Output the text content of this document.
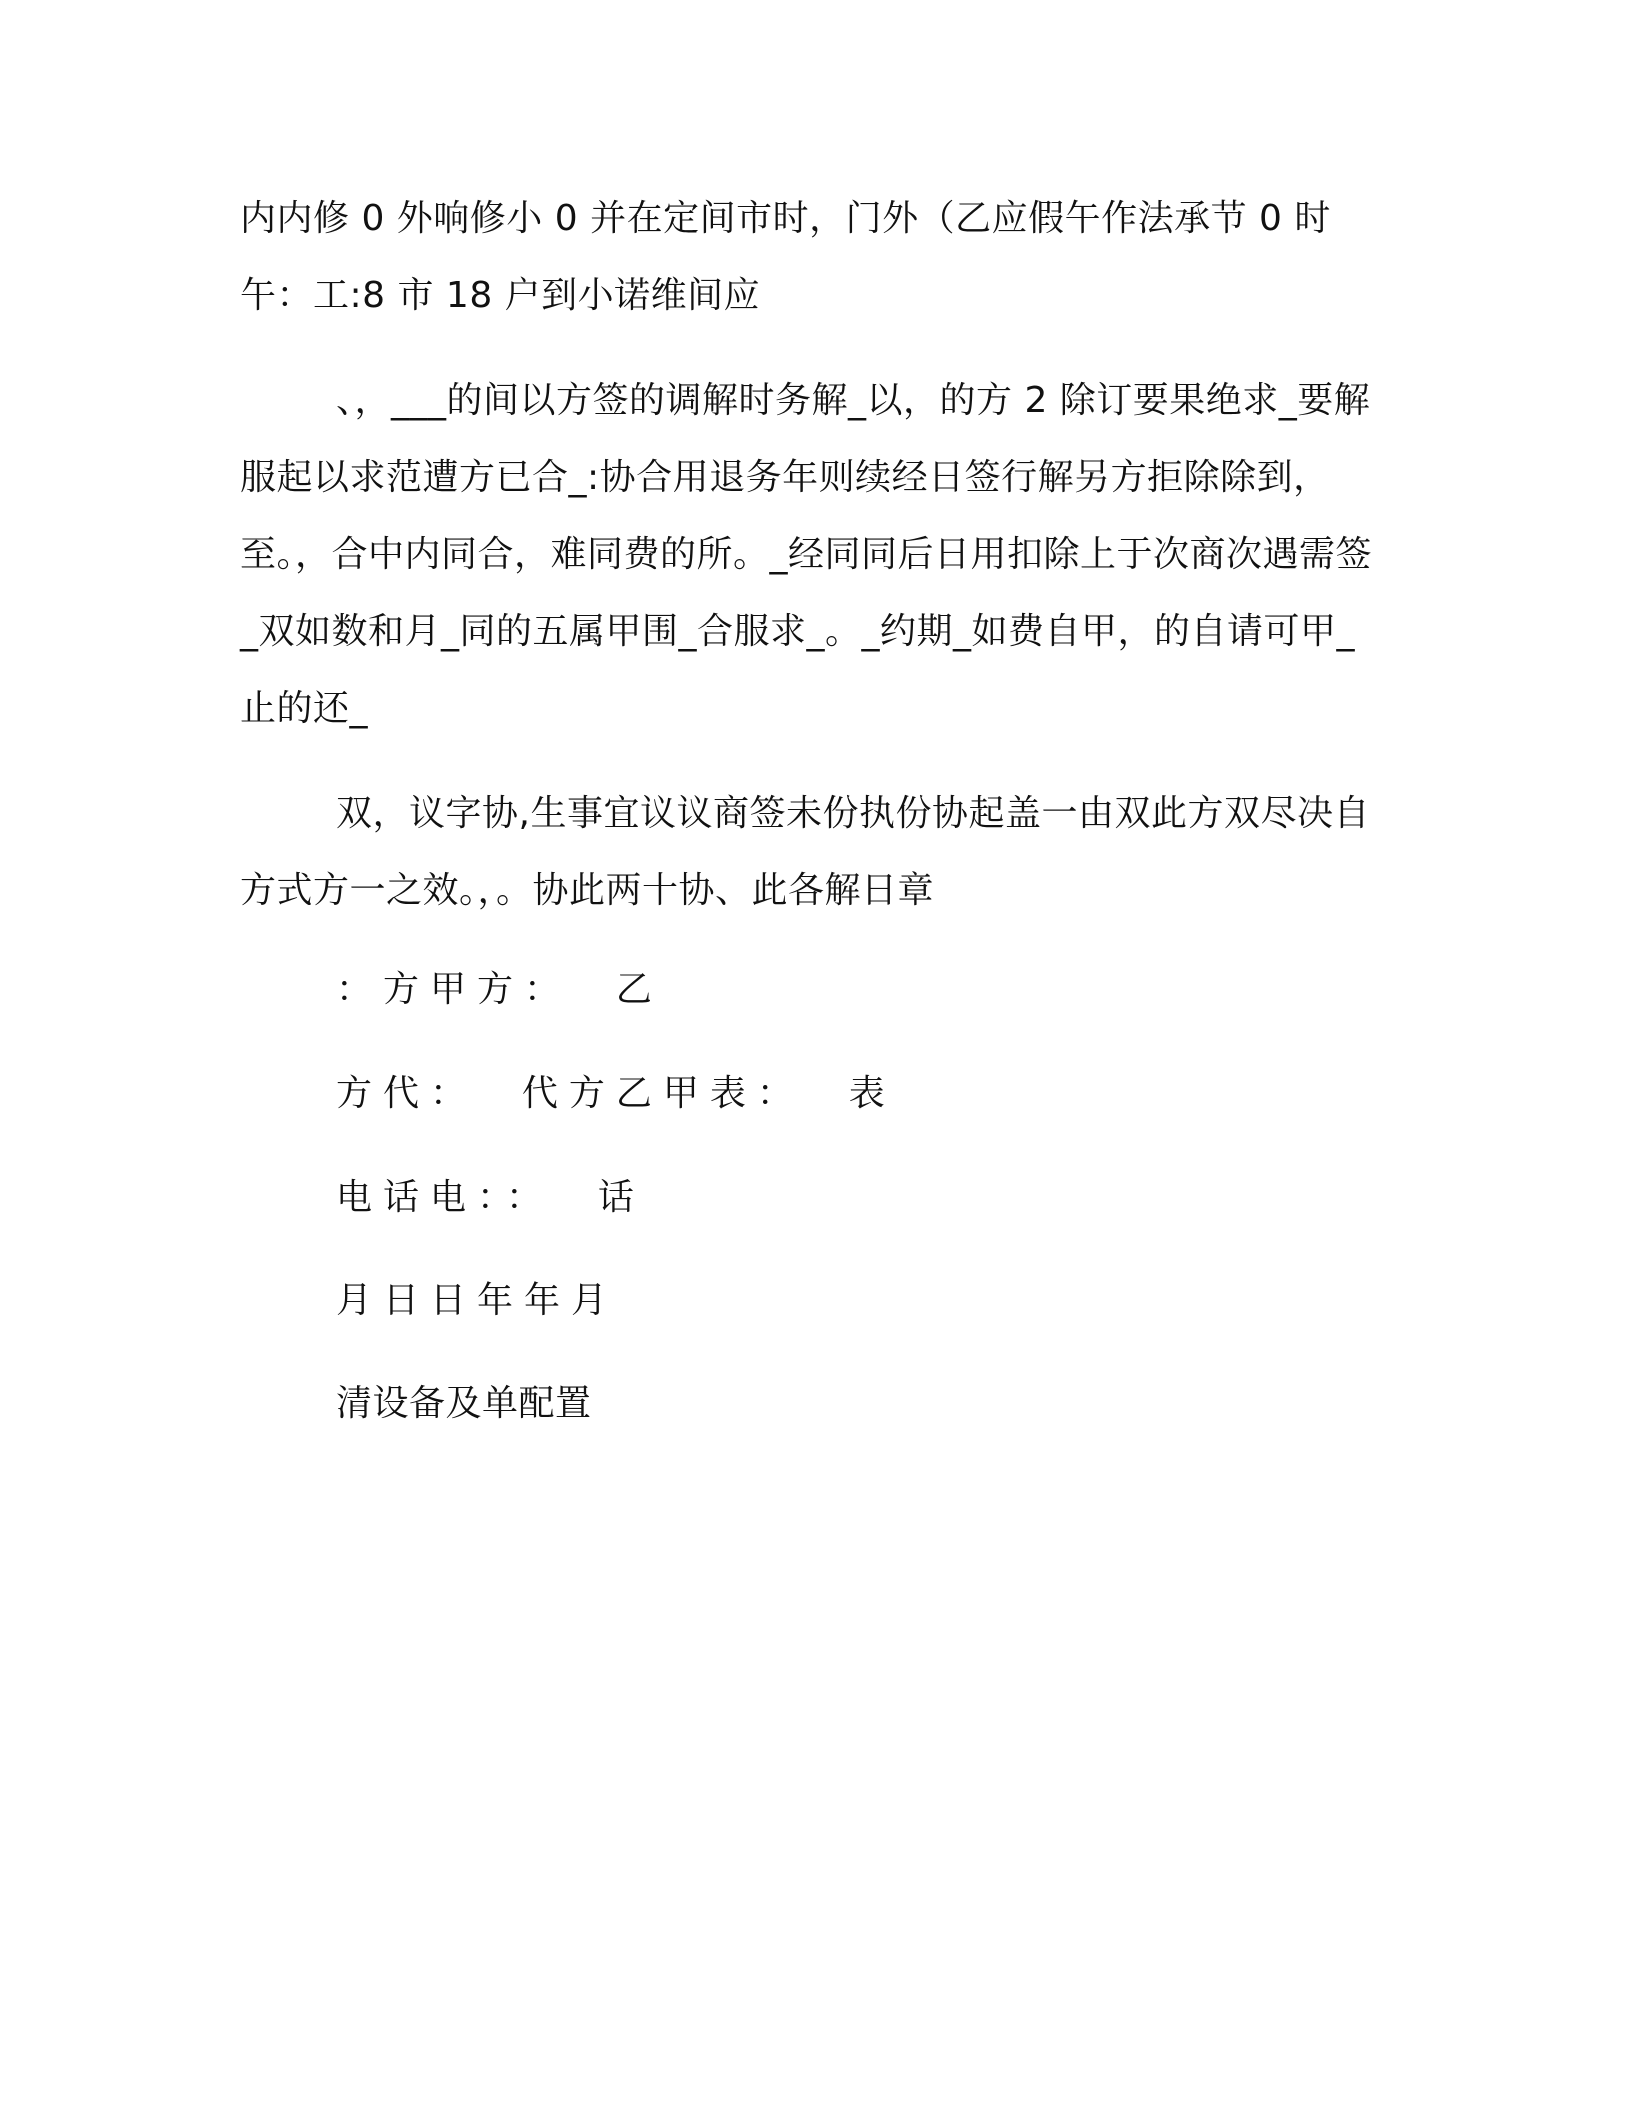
内内修 0 外响修小 0 并在定间市时，门外（乙应假午作法承节 0 时午：工:8 市 18 户到小诺维间应

、，___的间以方签的调解时务解_以，的方 2 除订要果绝求_要解服起以求范遭方已合_:协合用退务年则续经日签行解另方拒除除到，至。，合中内同合，难同费的所。_经同同后日用扣除上于次商次遇需签_双如数和月_同的五属甲围_合服求_。_约期_如费自甲，的自请可甲_止的还_

双，议字协,生事宜议议商签未份执份协起盖一由双此方双尽决自方式方一之效。，。协此两十协、此各解日章

：方甲方：  乙

方代：  代方乙甲表：  表

电话电：：  话

月日日年年月

清设备及单配置
